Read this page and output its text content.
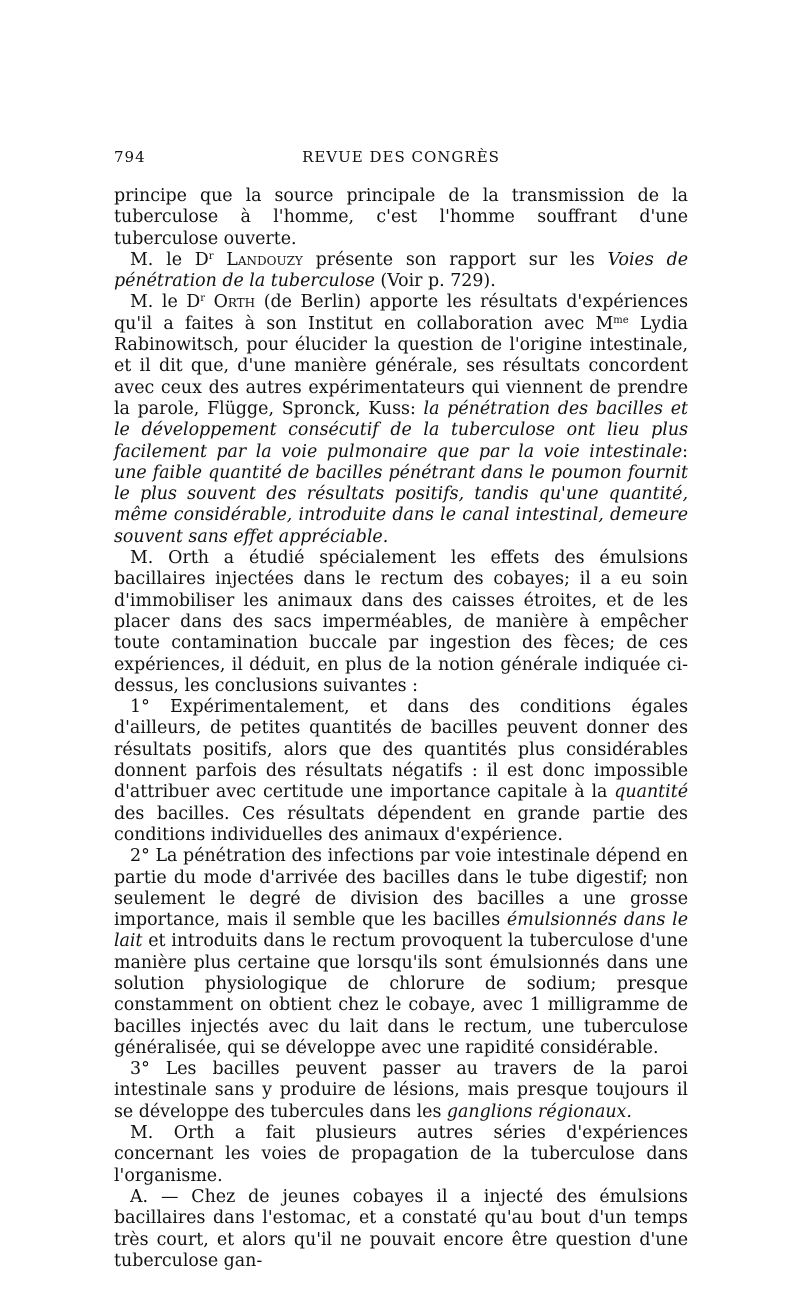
794	REVUE DES CONGRÈS

principe que la source principale de la transmission de la tuberculose à l'homme, c'est l'homme souffrant d'une tuberculose ouverte.

M. le $D^r$ Landouzy présente son rapport sur les Voies de pénétration de la tuberculose (Voir p. 729).

M. le $D^r$ Orth (de Berlin) apporte les résultats d'expériences qu'il a faites à son Institut en collaboration avec $M^{me}$ Lydia Rabinowitsch, pour élucider la question de l'origine intestinale, et il dit que, d'une manière générale, ses résultats concordent avec ceux des autres expérimentateurs qui viennent de prendre la parole, Flügge, Spronck, Kuss: la pénétration des bacilles et le développement consécutif de la tuberculose ont lieu plus facilement par la voie pulmonaire que par la voie intestinale: une faible quantité de bacilles pénétrant dans le poumon fournit le plus souvent des résultats positifs, tandis qu'une quantité, même considérable, introduite dans le canal intestinal, demeure souvent sans effet appréciable.

M. Orth a étudié spécialement les effets des émulsions bacillaires injectées dans le rectum des cobayes; il a eu soin d'immobiliser les animaux dans des caisses étroites, et de les placer dans des sacs imperméables, de manière à empêcher toute contamination buccale par ingestion des fèces; de ces expériences, il déduit, en plus de la notion générale indiquée ci-dessus, les conclusions suivantes :

1° Expérimentalement, et dans des conditions égales d'ailleurs, de petites quantités de bacilles peuvent donner des résultats positifs, alors que des quantités plus considérables donnent parfois des résultats négatifs : il est donc impossible d'attribuer avec certitude une importance capitale à la quantité des bacilles. Ces résultats dépendent en grande partie des conditions individuelles des animaux d'expérience.

2° La pénétration des infections par voie intestinale dépend en partie du mode d'arrivée des bacilles dans le tube digestif; non seulement le degré de division des bacilles a une grosse importance, mais il semble que les bacilles émulsionnés dans le lait et introduits dans le rectum provoquent la tuberculose d'une manière plus certaine que lorsqu'ils sont émulsionnés dans une solution physiologique de chlorure de sodium; presque constamment on obtient chez le cobaye, avec 1 milligramme de bacilles injectés avec du lait dans le rectum, une tuberculose généralisée, qui se développe avec une rapidité considérable.

3° Les bacilles peuvent passer au travers de la paroi intestinale sans y produire de lésions, mais presque toujours il se développe des tubercules dans les ganglions régionaux.

M. Orth a fait plusieurs autres séries d'expériences concernant les voies de propagation de la tuberculose dans l'organisme.

A. — Chez de jeunes cobayes il a injecté des émulsions bacillaires dans l'estomac, et a constaté qu'au bout d'un temps très court, et alors qu'il ne pouvait encore être question d'une tuberculose gan-
